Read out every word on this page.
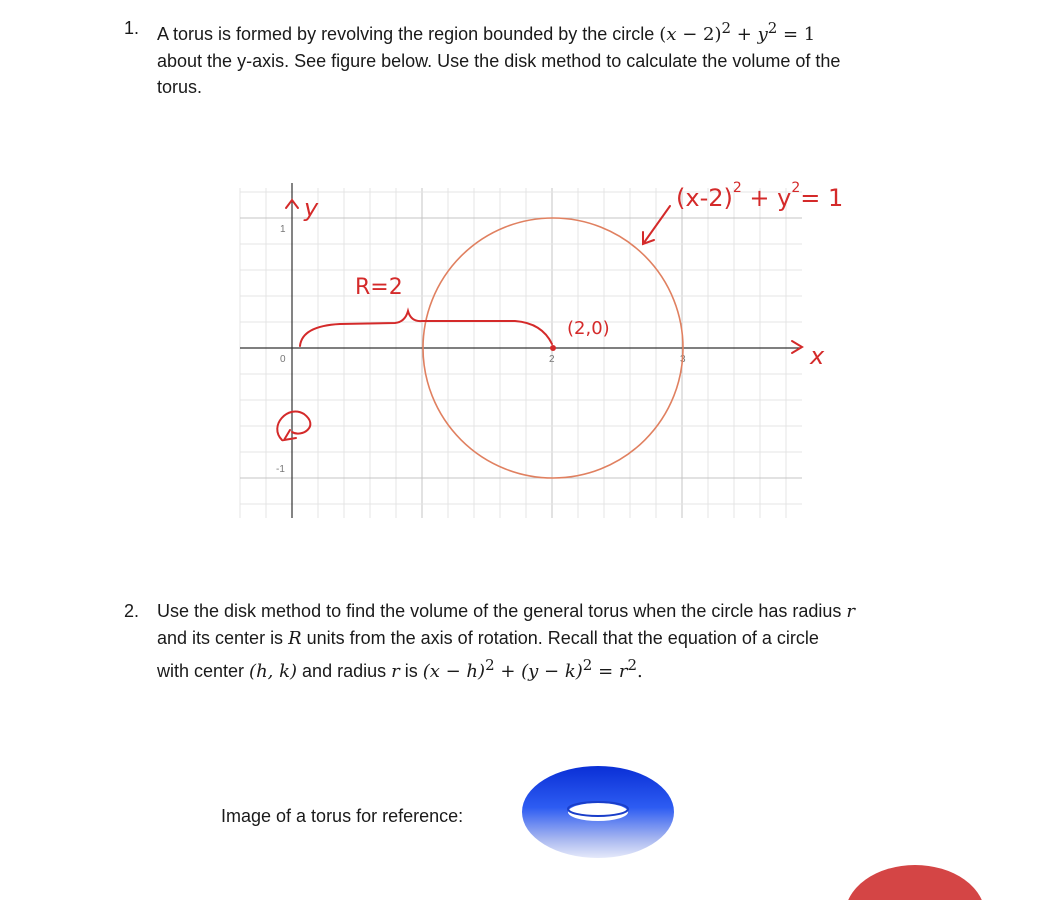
1. A torus is formed by revolving the region bounded by the circle $(x - 2)^2 + y^2 = 1$
about the y-axis. See figure below. Use the disk method to calculate the volume of the
torus.
1
-1
0	2	3
y
x
R=2
(2,0)
$(x-2)^2 + y^2= 1$
2. Use the disk method to find the volume of the general torus when the circle has radius r
and its center is R units from the axis of rotation. Recall that the equation of a circle
with center (h, k) and radius r is $(x - h)^2 + (y - k)^2 = r^2$.
Image of a torus for reference:
